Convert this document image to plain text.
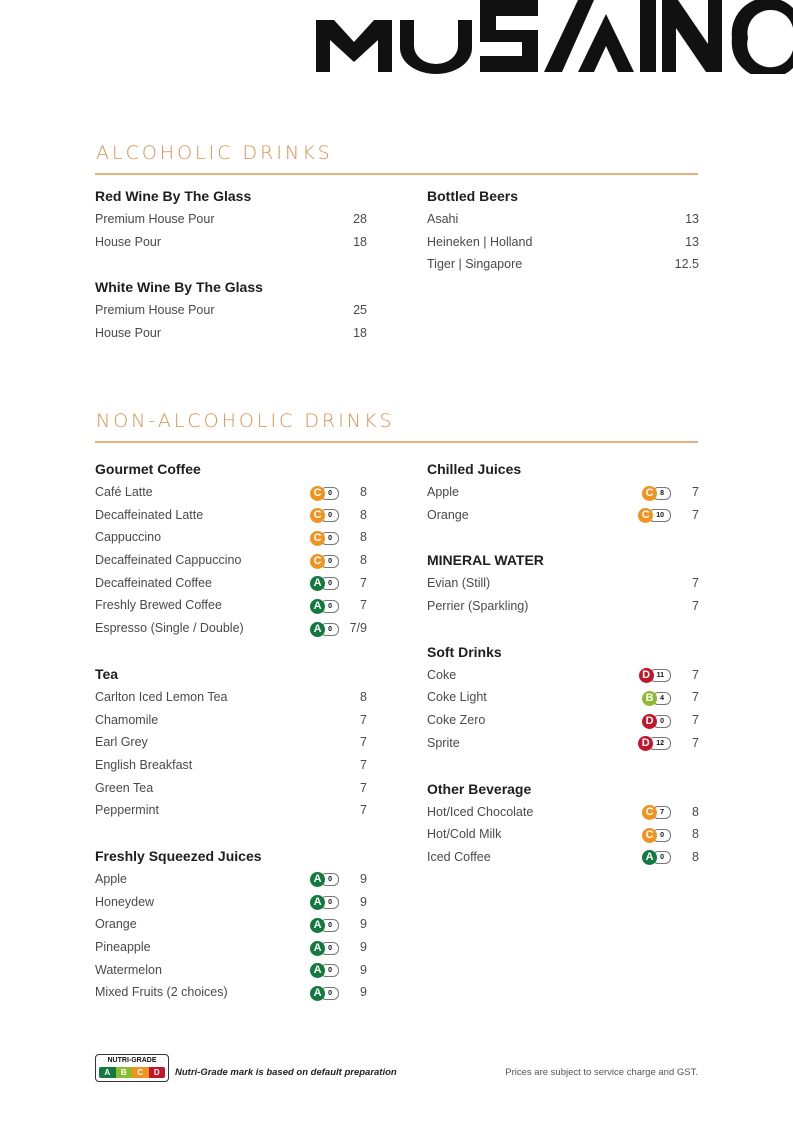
ALCOHOLIC DRINKS
Red Wine By The Glass
Premium House Pour	28
House Pour	18
White Wine By The Glass
Premium House Pour	25
House Pour	18
Bottled Beers
Asahi	13
Heineken | Holland	13
Tiger | Singapore	12.5
NON-ALCOHOLIC DRINKS
Gourmet Coffee
Café Latte	C 0	8
Decaffeinated Latte	C 0	8
Cappuccino	C 0	8
Decaffeinated Cappuccino	C 0	8
Decaffeinated Coffee	A 0	7
Freshly Brewed Coffee	A 0	7
Espresso (Single / Double)	A 0	7/9
Tea
Carlton Iced Lemon Tea	8
Chamomile	7
Earl Grey	7
English Breakfast	7
Green Tea	7
Peppermint	7
Freshly Squeezed Juices
Apple	A 0	9
Honeydew	A 0	9
Orange	A 0	9
Pineapple	A 0	9
Watermelon	A 0	9
Mixed Fruits (2 choices)	A 0	9
Chilled Juices
Apple	C 8	7
Orange	C 10	7
MINERAL WATER
Evian (Still)	7
Perrier (Sparkling)	7
Soft Drinks
Coke	D 11	7
Coke Light	B 4	7
Coke Zero	D 0	7
Sprite	D 12	7
Other Beverage
Hot/Iced Chocolate	C 7	8
Hot/Cold Milk	C 0	8
Iced Coffee	A 0	8
NUTRI-GRADE
A	B	C	D	Nutri-Grade mark is based on default preparation	Prices are subject to service charge and GST.
